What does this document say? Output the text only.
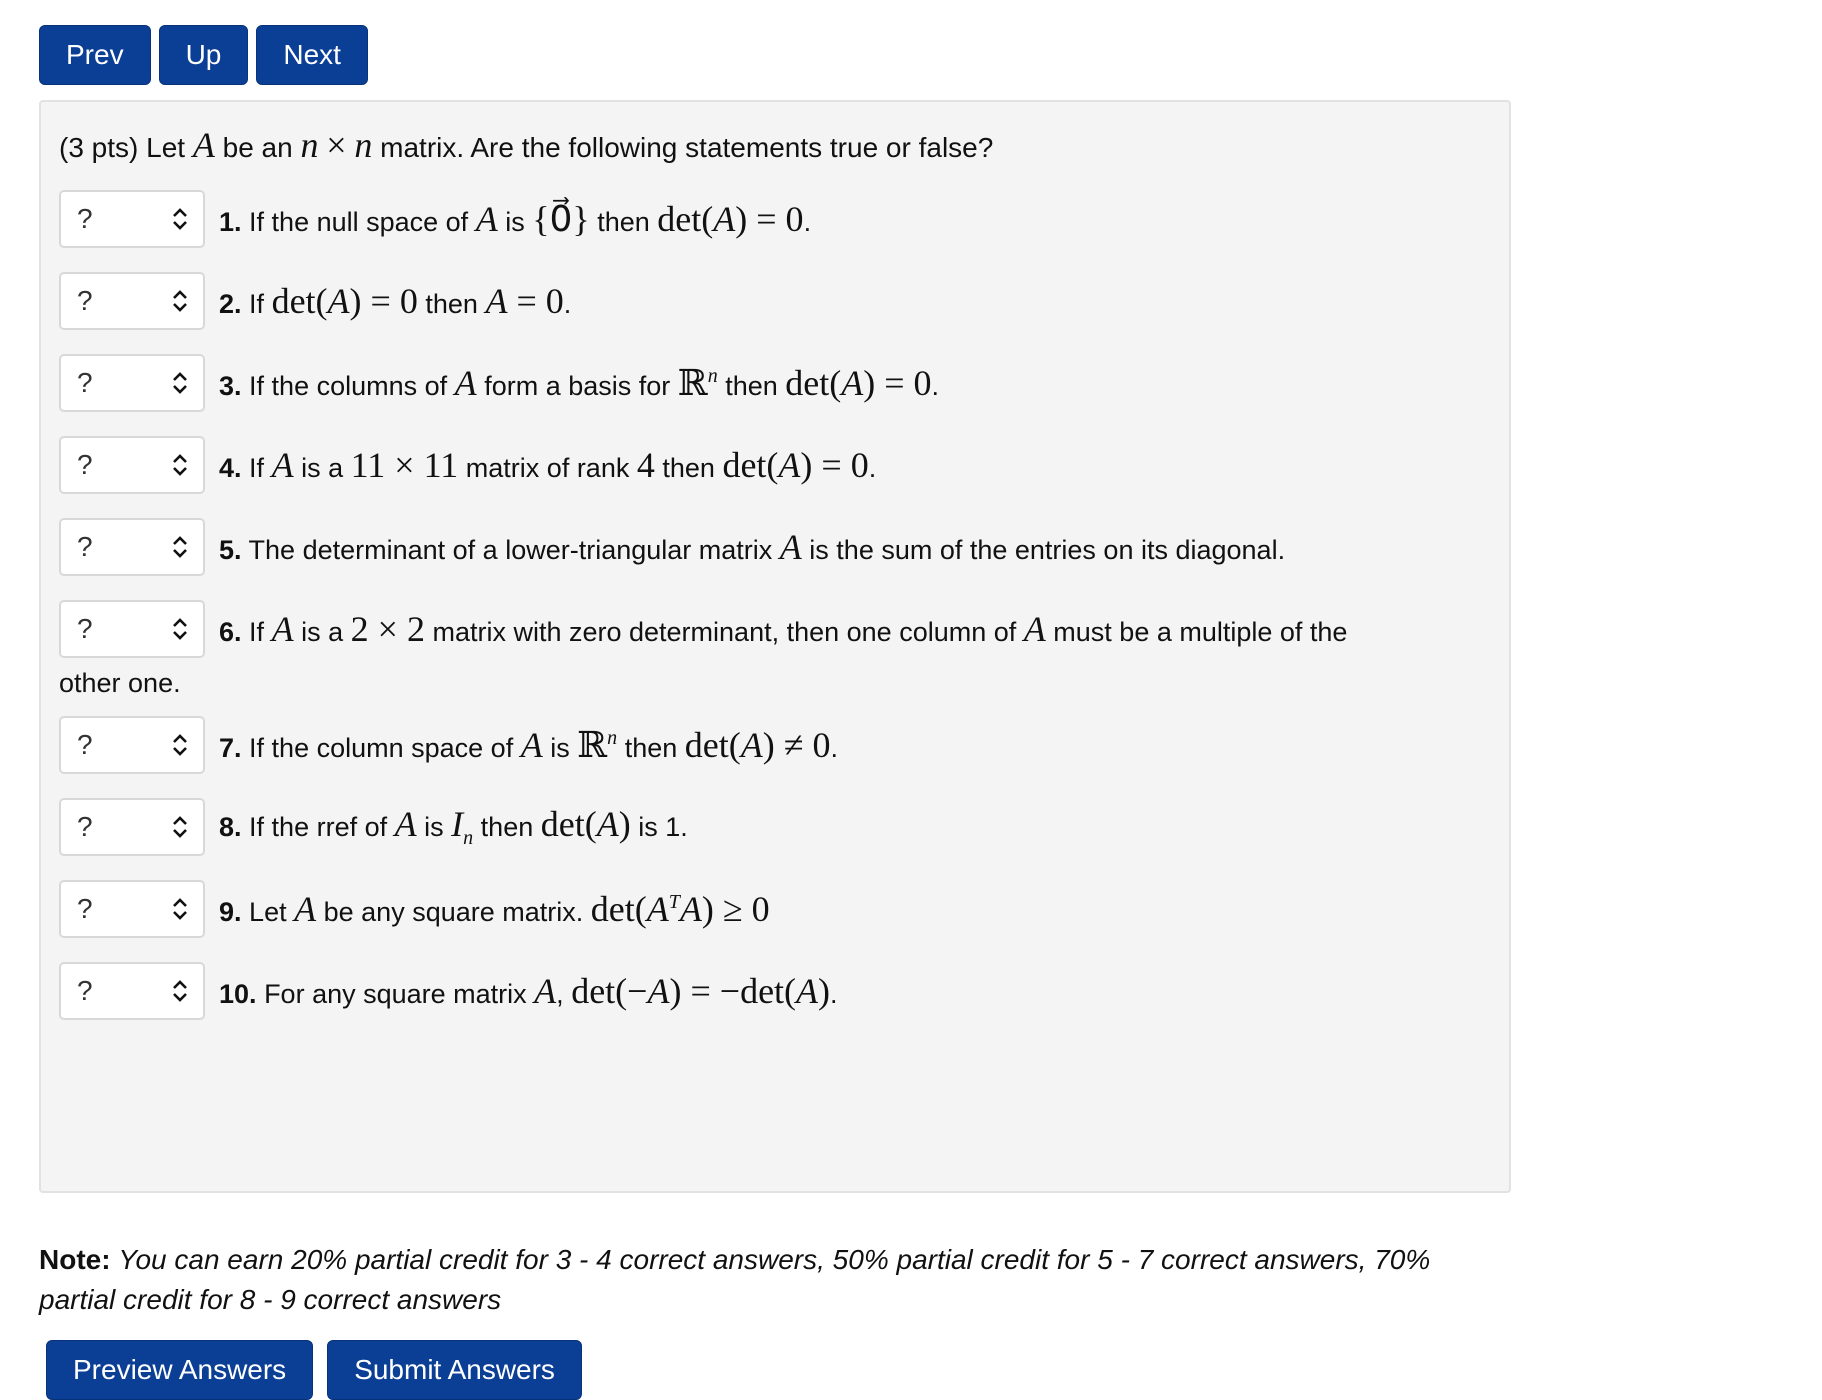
Prev	Up	Next
(3 pts) Let A be an n × n matrix. Are the following statements true or false?
?	1. If the null space of A is {0⃗} then det(A) = 0.
?	2. If det(A) = 0 then A = 0.
?	3. If the columns of A form a basis for ℝ$^n$ then det(A) = 0.
?	4. If A is a 11 × 11 matrix of rank 4 then det(A) = 0.
?	5. The determinant of a lower-triangular matrix A is the sum of the entries on its diagonal.
?	6. If A is a 2 × 2 matrix with zero determinant, then one column of A must be a multiple of the
other one.
?	7. If the column space of A is ℝ$^n$ then det(A) ≠ 0.
?	8. If the rref of A is $I_n$ then det(A) is 1.
?	9. Let A be any square matrix. $\det(A^TA) \ge 0$
?	10. For any square matrix A, det(−A) = −det(A).
Note: You can earn 20% partial credit for 3 - 4 correct answers, 50% partial credit for 5 - 7 correct answers, 70% partial credit for 8 - 9 correct answers
Preview Answers	Submit Answers
